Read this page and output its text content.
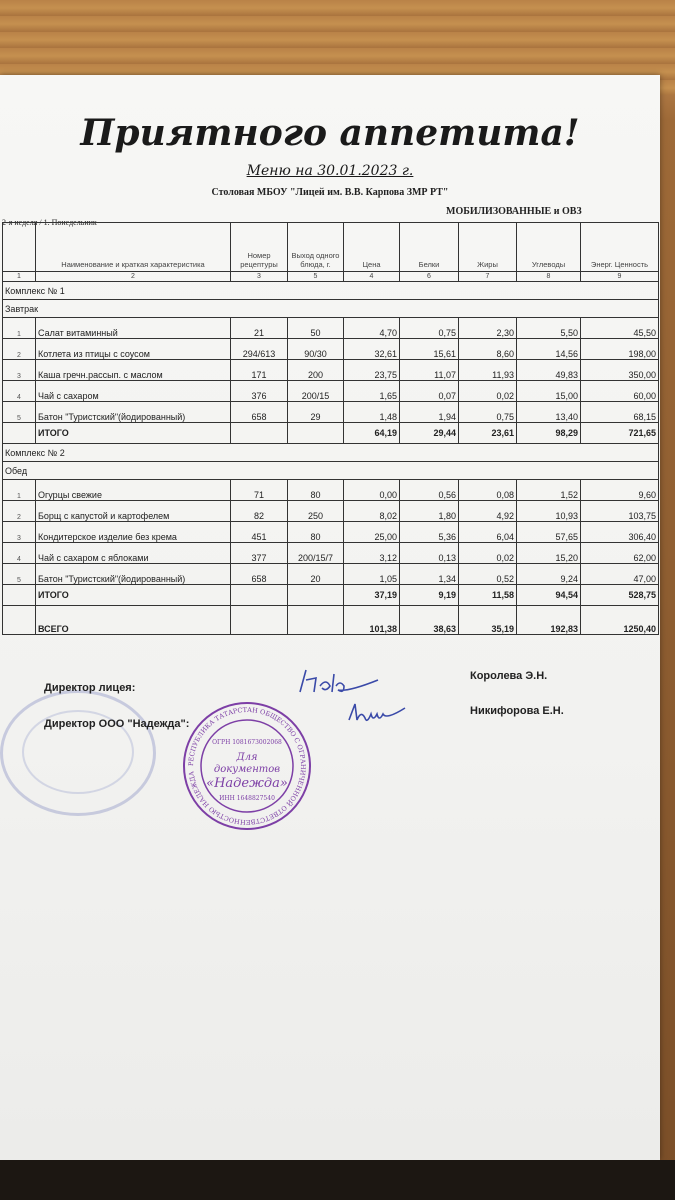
Приятного аппетита!
Меню на 30.01.2023 г.
Столовая МБОУ "Лицей им. В.В. Карпова ЗМР РТ"
МОБИЛИЗОВАННЫЕ и ОВЗ
2-я неделя / 1. Понедельник
	Наименование и краткая характеристика	Номер рецептуры	Выход одного блюда, г.	Цена	Белки	Жиры	Углеводы	Энерг. Ценность
1	2	3	5	4	6	7	8	9
Комплекс № 1								
Завтрак								
1	Салат витаминный	21	50	4,70	0,75	2,30	5,50	45,50
2	Котлета из птицы с соусом	294/613	90/30	32,61	15,61	8,60	14,56	198,00
3	Каша гречн.рассып. с маслом	171	200	23,75	11,07	11,93	49,83	350,00
4	Чай с сахаром	376	200/15	1,65	0,07	0,02	15,00	60,00
5	Батон "Туристский"(йодированный)	658	29	1,48	1,94	0,75	13,40	68,15
	ИТОГО			64,19	29,44	23,61	98,29	721,65
Комплекс № 2								
Обед								
1	Огурцы свежие	71	80	0,00	0,56	0,08	1,52	9,60
2	Борщ с капустой и картофелем	82	250	8,02	1,80	4,92	10,93	103,75
3	Кондитерское изделие без крема	451	80	25,00	5,36	6,04	57,65	306,40
4	Чай с сахаром с яблоками	377	200/15/7	3,12	0,13	0,02	15,20	62,00
5	Батон "Туристский"(йодированный)	658	20	1,05	1,34	0,52	9,24	47,00
	ИТОГО			37,19	9,19	11,58	94,54	528,75
	ВСЕГО			101,38	38,63	35,19	192,83	1250,40
Директор лицея:
Королева Э.Н.
Директор ООО "Надежда":
Никифорова Е.Н.
РЕСПУБЛИКА ТАТАРСТАН ОБЩЕСТВО С ОГРАНИЧЕННОЙ ОТВЕТСТВЕННОСТЬЮ НАДЕЖДА
ОГРН 1081673002068
Для
документов
«Надежда»
ИНН 1648827540
